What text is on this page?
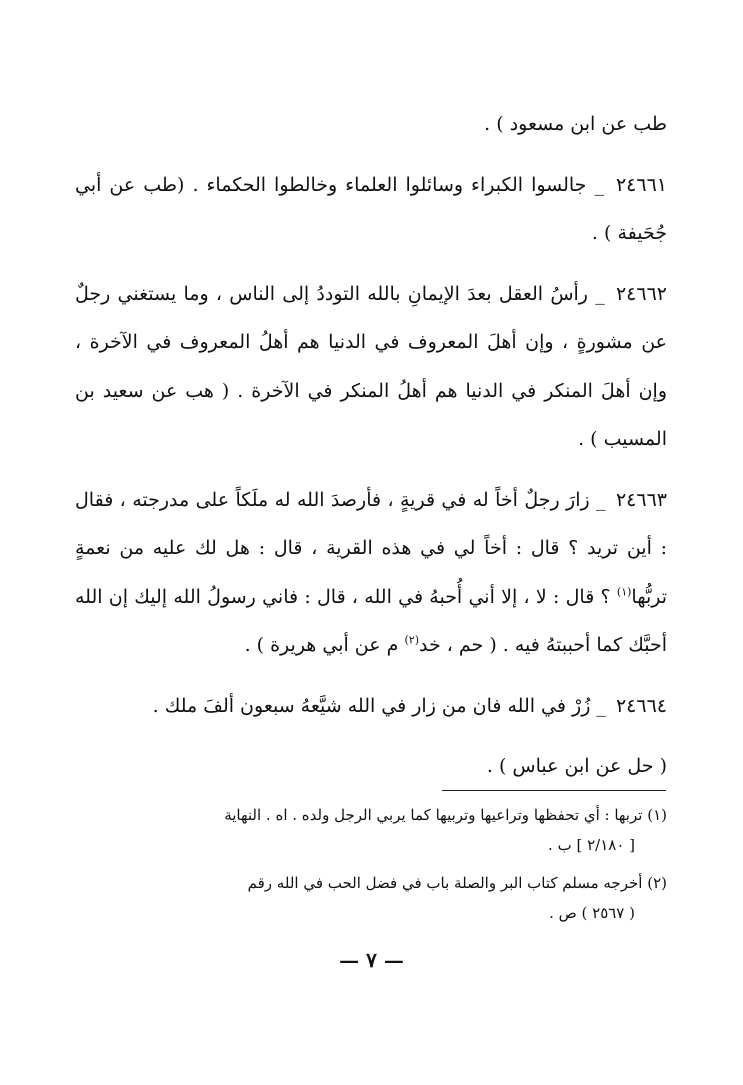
طب عن ابن مسعود ) .

٢٤٦٦١ _ جالسوا الكبراء وسائلوا العلماء وخالطوا الحكماء . (طب عن أبي جُحَيفة ) .

٢٤٦٦٢ _ رأسُ العقل بعدَ الإيمانِ بالله التوددُ إلى الناس ، وما يستغني رجلٌ عن مشورةٍ ، وإن أهلَ المعروف في الدنيا هم أهلُ المعروف في الآخرة ، وإن أهلَ المنكر في الدنيا هم أهلُ المنكر في الآخرة . ( هب عن سعيد بن المسيب ) .

٢٤٦٦٣ _ زارَ رجلٌ أخاً له في قريةٍ ، فأرصدَ الله له ملَكاً على مدرجته ، فقال : أين تريد ؟ قال : أخاً لي في هذه القرية ، قال : هل لك عليه من نعمةٍ تربُّها$^{(١)}$ ؟ قال : لا ، إلا أني أُحبهُ في الله ، قال : فاني رسولُ الله إليك إن الله أحبَّك كما أحببتهُ فيه . ( حم ، خد$^{(٢)}$ م عن أبي هريرة ) .

٢٤٦٦٤ _ زُرْ في الله فان من زار في الله شيَّعهُ سبعون ألفَ ملك .

( حل عن ابن عباس ) .

(١) تربها : أي تحفظها وتراعيها وتربيها كما يربي الرجل ولده . اه . النهاية
[ ٢/١٨٠ ] ب .

(٢) أخرجه مسلم كتاب البر والصلة باب في فضل الحب في الله رقم
( ٢٥٦٧ ) ص .

— ٧ —
